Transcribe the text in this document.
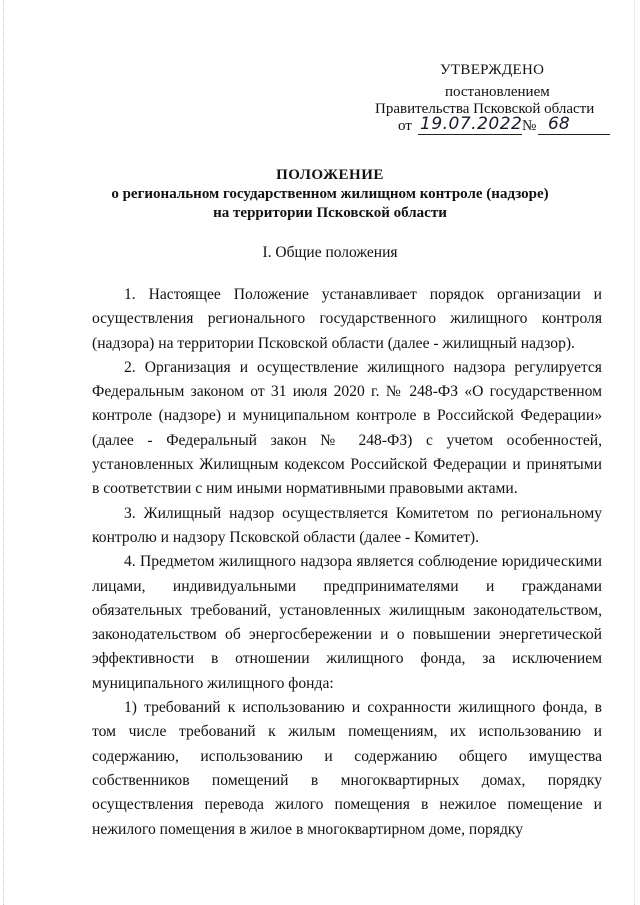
УТВЕРЖДЕНО
постановлением
Правительства Псковской области
от 19.07.2022 № 68
ПОЛОЖЕНИЕ
о региональном государственном жилищном контроле (надзоре)
на территории Псковской области
I. Общие положения

1. Настоящее Положение устанавливает порядок организации и осуществления регионального государственного жилищного контроля (надзора) на территории Псковской области (далее - жилищный надзор).

2. Организация и осуществление жилищного надзора регулируется Федеральным законом от 31 июля 2020 г. № 248-ФЗ «О государственном контроле (надзоре) и муниципальном контроле в Российской Федерации» (далее - Федеральный закон № 248-ФЗ) с учетом особенностей, установленных Жилищным кодексом Российской Федерации и принятыми в соответствии с ним иными нормативными правовыми актами.

3. Жилищный надзор осуществляется Комитетом по региональному контролю и надзору Псковской области (далее - Комитет).

4. Предметом жилищного надзора является соблюдение юридическими лицами, индивидуальными предпринимателями и гражданами обязательных требований, установленных жилищным законодательством, законодательством об энергосбережении и о повышении энергетической эффективности в отношении жилищного фонда, за исключением муниципального жилищного фонда:

1) требований к использованию и сохранности жилищного фонда, в том числе требований к жилым помещениям, их использованию и содержанию, использованию и содержанию общего имущества собственников помещений в многоквартирных домах, порядку осуществления перевода жилого помещения в нежилое помещение и нежилого помещения в жилое в многоквартирном доме, порядку
